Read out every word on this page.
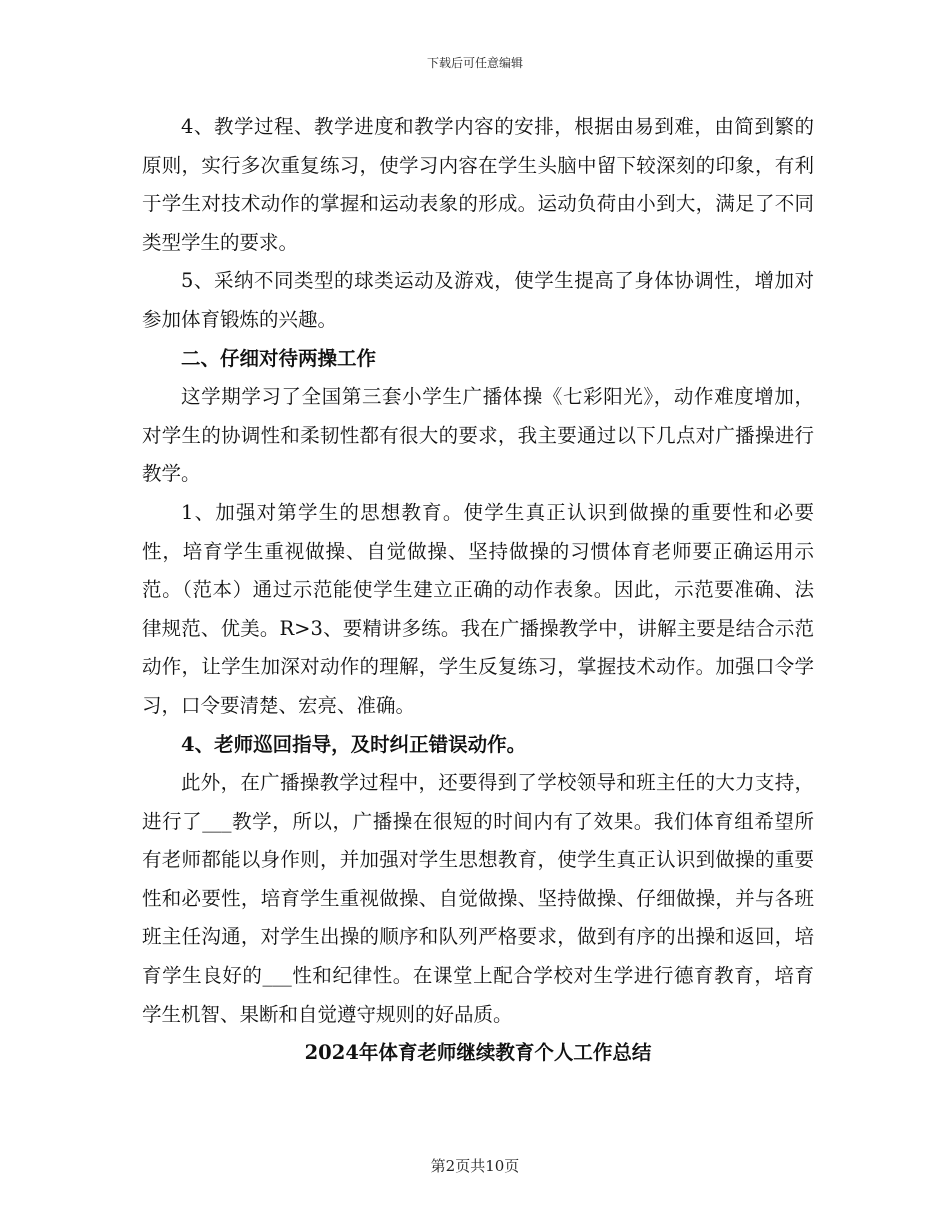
下载后可任意编辑

4、教学过程、教学进度和教学内容的安排，根据由易到难，由简到繁的原则，实行多次重复练习，使学习内容在学生头脑中留下较深刻的印象，有利于学生对技术动作的掌握和运动表象的形成。运动负荷由小到大，满足了不同类型学生的要求。

5、采纳不同类型的球类运动及游戏，使学生提高了身体协调性，增加对参加体育锻炼的兴趣。

二、仔细对待两操工作

这学期学习了全国第三套小学生广播体操《七彩阳光》，动作难度增加，对学生的协调性和柔韧性都有很大的要求，我主要通过以下几点对广播操进行教学。

1、加强对第学生的思想教育。使学生真正认识到做操的重要性和必要性，培育学生重视做操、自觉做操、坚持做操的习惯体育老师要正确运用示范。（范本）通过示范能使学生建立正确的动作表象。因此，示范要准确、法律规范、优美。R>3、要精讲多练。我在广播操教学中，讲解主要是结合示范动作，让学生加深对动作的理解，学生反复练习，掌握技术动作。加强口令学习，口令要清楚、宏亮、准确。

4、老师巡回指导，及时纠正错误动作。

此外，在广播操教学过程中，还要得到了学校领导和班主任的大力支持，进行了___教学，所以，广播操在很短的时间内有了效果。我们体育组希望所有老师都能以身作则，并加强对学生思想教育，使学生真正认识到做操的重要性和必要性，培育学生重视做操、自觉做操、坚持做操、仔细做操，并与各班班主任沟通，对学生出操的顺序和队列严格要求，做到有序的出操和返回，培育学生良好的___性和纪律性。在课堂上配合学校对生学进行德育教育，培育学生机智、果断和自觉遵守规则的好品质。

2024年体育老师继续教育个人工作总结

第2页共10页
